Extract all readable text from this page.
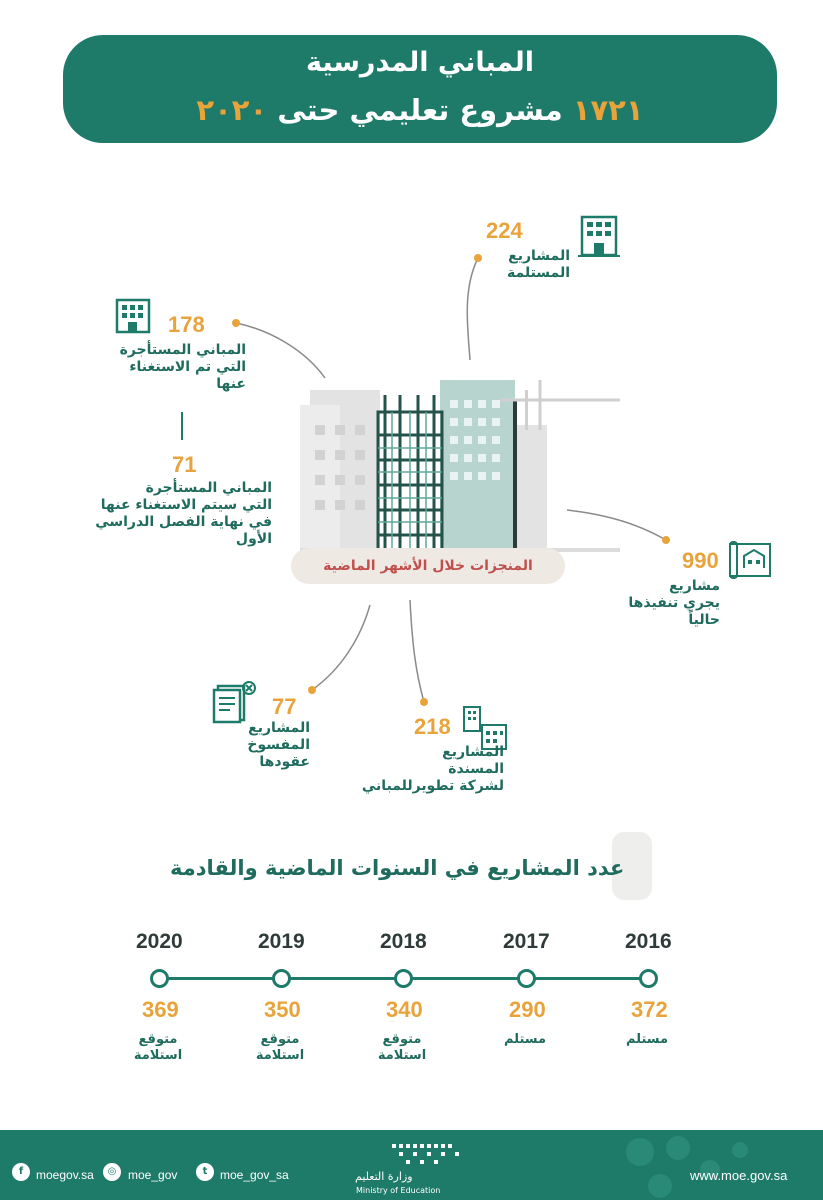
المباني المدرسية
١٧٢١ مشروع تعليمي حتى ٢٠٢٠
المنجزات خلال الأشهر الماضية
224
المشاريع
المستلمة
178
المباني المستأجرة
التي تم الاستغناء
عنها
71
المباني المستأجرة
التي سيتم الاستغناء عنها
في نهاية الفصل الدراسي الأول
990
مشاريع
يجري تنفيذها
حالياً
77
المشاريع
المفسوخ
عقودها
218
المشاريع
المسندة
لشركة تطويرللمباني
عدد المشاريع في السنوات الماضية والقادمة
2020
369
متوقع
استلامة
2019
350
متوقع
استلامة
2018
340
متوقع
استلامة
2017
290
مستلم
2016
372
مستلم
f	moegov.sa	◎ moe_gov	t	moe_gov_sa	وزارة التعليم
Ministry of Education
www.moe.gov.sa
